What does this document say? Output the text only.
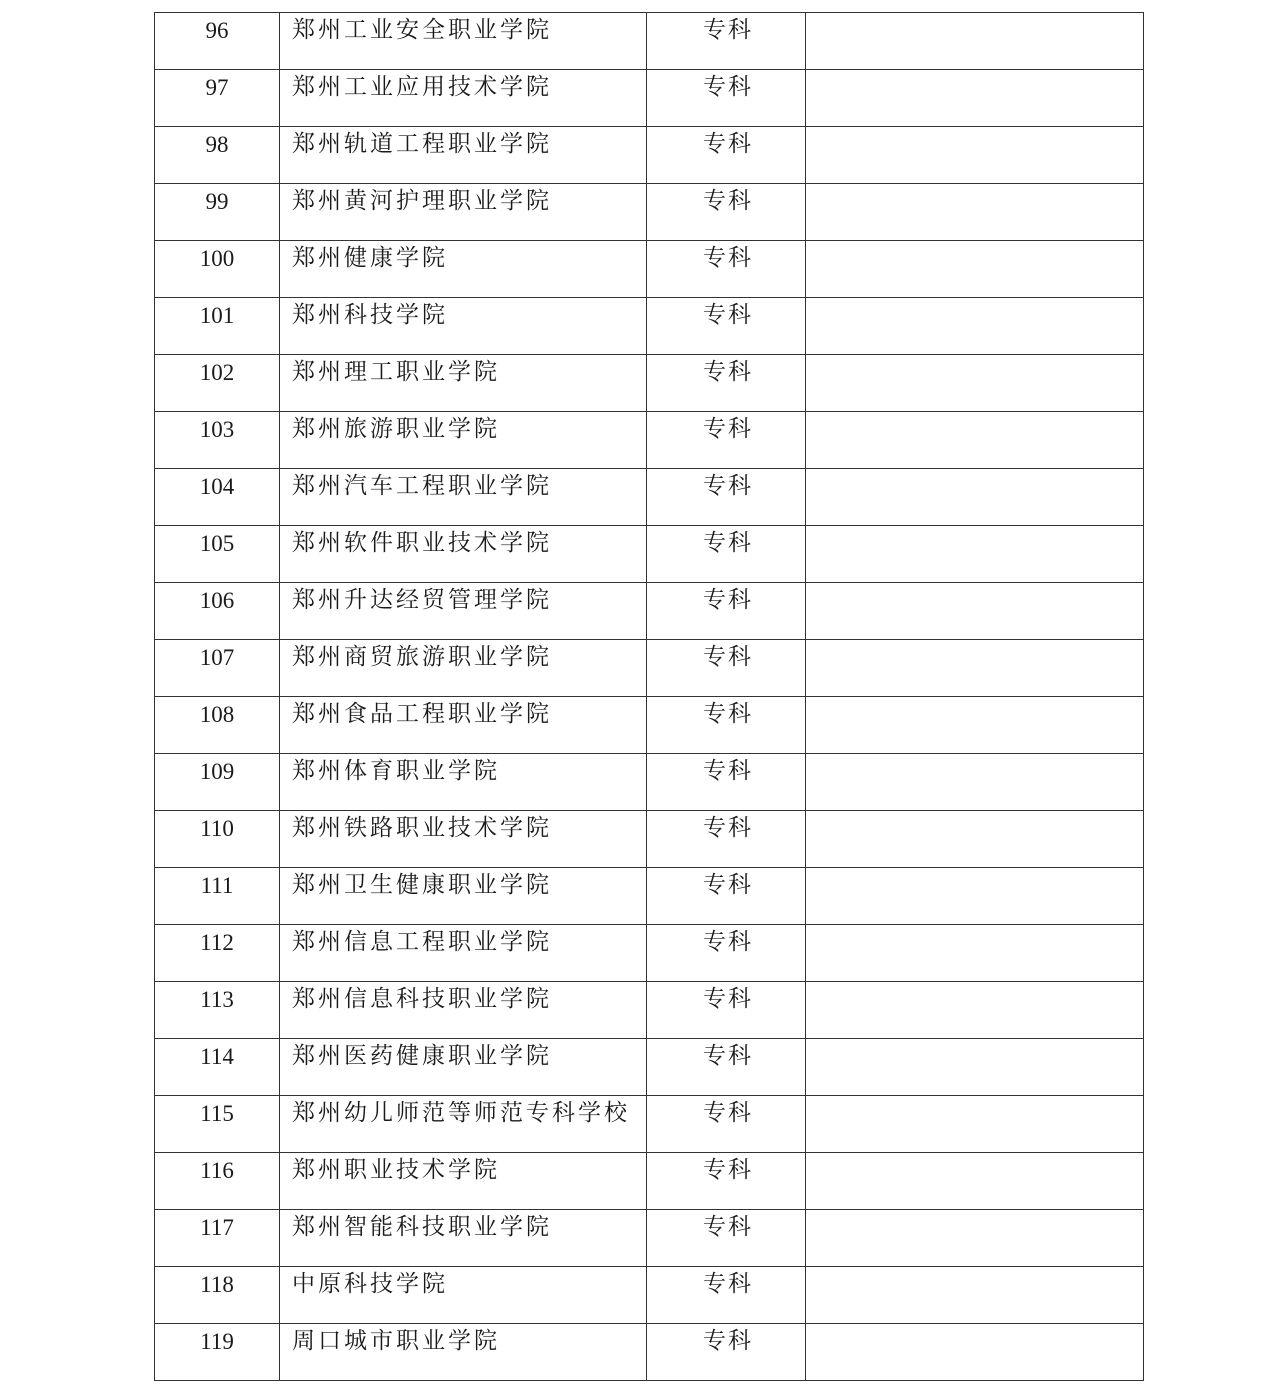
96	郑州工业安全职业学院	专科	

97	郑州工业应用技术学院	专科	

98	郑州轨道工程职业学院	专科	

99	郑州黄河护理职业学院	专科	

100	郑州健康学院	专科	

101	郑州科技学院	专科	

102	郑州理工职业学院	专科	

103	郑州旅游职业学院	专科	

104	郑州汽车工程职业学院	专科	

105	郑州软件职业技术学院	专科	

106	郑州升达经贸管理学院	专科	

107	郑州商贸旅游职业学院	专科	

108	郑州食品工程职业学院	专科	

109	郑州体育职业学院	专科	

110	郑州铁路职业技术学院	专科	

111	郑州卫生健康职业学院	专科	

112	郑州信息工程职业学院	专科	

113	郑州信息科技职业学院	专科	

114	郑州医药健康职业学院	专科	

115	郑州幼儿师范等师范专科学校	专科	

116	郑州职业技术学院	专科	

117	郑州智能科技职业学院	专科	

118	中原科技学院	专科	

119	周口城市职业学院	专科	
